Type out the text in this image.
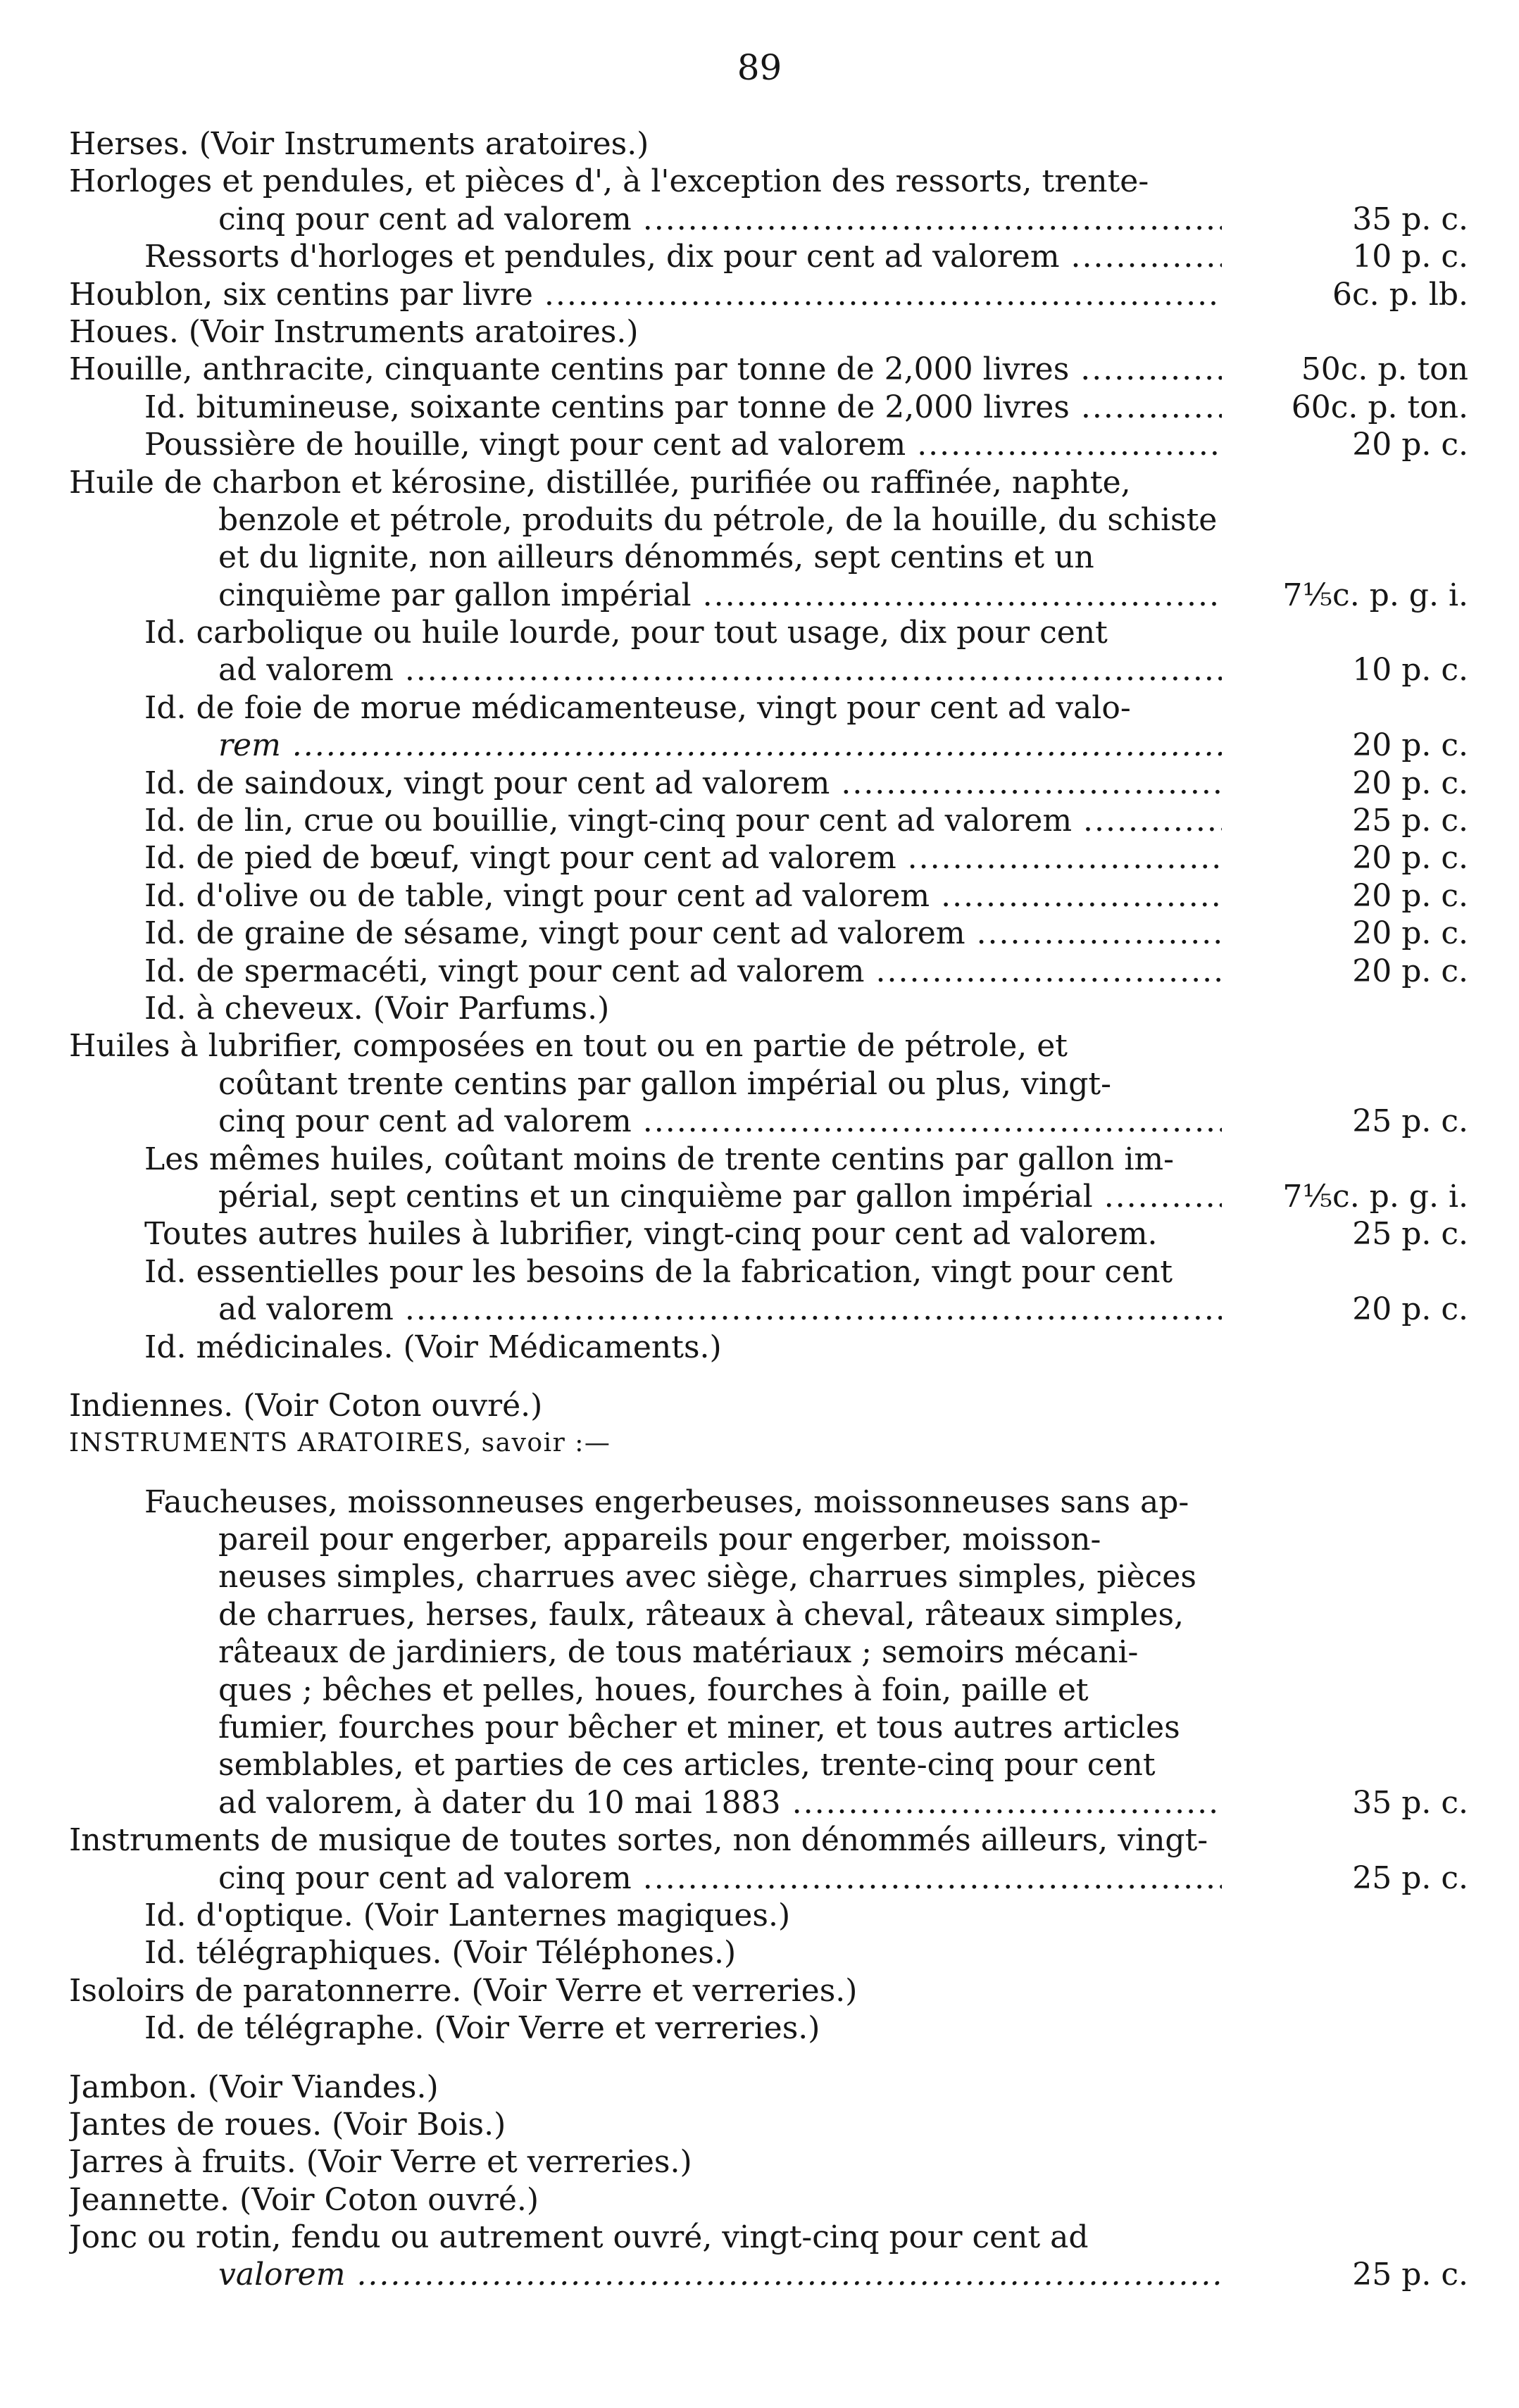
89
Herses. (Voir Instruments aratoires.)
Horloges et pendules, et pièces d', à l'exception des ressorts, trente-
cinq pour cent ad valorem .....	35 p. c.
Ressorts d'horloges et pendules, dix pour cent ad valorem .....	10 p. c.
Houblon, six centins par livre .....	6c. p. lb.
Houes. (Voir Instruments aratoires.)
Houille, anthracite, cinquante centins par tonne de 2,000 livres .....	50c. p. ton
Id. bitumineuse, soixante centins par tonne de 2,000 livres .....	60c. p. ton.
Poussière de houille, vingt pour cent ad valorem .....	20 p. c.
Huile de charbon et kérosine, distillée, purifiée ou raffinée, naphte,
benzole et pétrole, produits du pétrole, de la houille, du schiste
et du lignite, non ailleurs dénommés, sept centins et un
cinquième par gallon impérial .....	7⅕c. p. g. i.
Id. carbolique ou huile lourde, pour tout usage, dix pour cent
ad valorem .....	10 p. c.
Id. de foie de morue médicamenteuse, vingt pour cent ad valo-
rem .....	20 p. c.
Id. de saindoux, vingt pour cent ad valorem .....	20 p. c.
Id. de lin, crue ou bouillie, vingt-cinq pour cent ad valorem .....	25 p. c.
Id. de pied de bœuf, vingt pour cent ad valorem .....	20 p. c.
Id. d'olive ou de table, vingt pour cent ad valorem .....	20 p. c.
Id. de graine de sésame, vingt pour cent ad valorem .....	20 p. c.
Id. de spermacéti, vingt pour cent ad valorem .....	20 p. c.
Id. à cheveux. (Voir Parfums.)
Huiles à lubrifier, composées en tout ou en partie de pétrole, et
coûtant trente centins par gallon impérial ou plus, vingt-
cinq pour cent ad valorem .....	25 p. c.
Les mêmes huiles, coûtant moins de trente centins par gallon im-
périal, sept centins et un cinquième par gallon impérial .....	7⅕c. p. g. i.
Toutes autres huiles à lubrifier, vingt-cinq pour cent ad valorem.	25 p. c.
Id. essentielles pour les besoins de la fabrication, vingt pour cent
ad valorem .....	20 p. c.
Id. médicinales. (Voir Médicaments.)
Indiennes. (Voir Coton ouvré.)
INSTRUMENTS ARATOIRES, savoir :—
Faucheuses, moissonneuses engerbeuses, moissonneuses sans ap-
pareil pour engerber, appareils pour engerber, moisson-
neuses simples, charrues avec siège, charrues simples, pièces
de charrues, herses, faulx, râteaux à cheval, râteaux simples,
râteaux de jardiniers, de tous matériaux ; semoirs mécani-
ques ; bêches et pelles, houes, fourches à foin, paille et
fumier, fourches pour bêcher et miner, et tous autres articles
semblables, et parties de ces articles, trente-cinq pour cent
ad valorem, à dater du 10 mai 1883 .....	35 p. c.
Instruments de musique de toutes sortes, non dénommés ailleurs, vingt-
cinq pour cent ad valorem .....	25 p. c.
Id. d'optique. (Voir Lanternes magiques.)
Id. télégraphiques. (Voir Téléphones.)
Isoloirs de paratonnerre. (Voir Verre et verreries.)
Id. de télégraphe. (Voir Verre et verreries.)
Jambon. (Voir Viandes.)
Jantes de roues. (Voir Bois.)
Jarres à fruits. (Voir Verre et verreries.)
Jeannette. (Voir Coton ouvré.)
Jonc ou rotin, fendu ou autrement ouvré, vingt-cinq pour cent ad
valorem .....	25 p. c.
